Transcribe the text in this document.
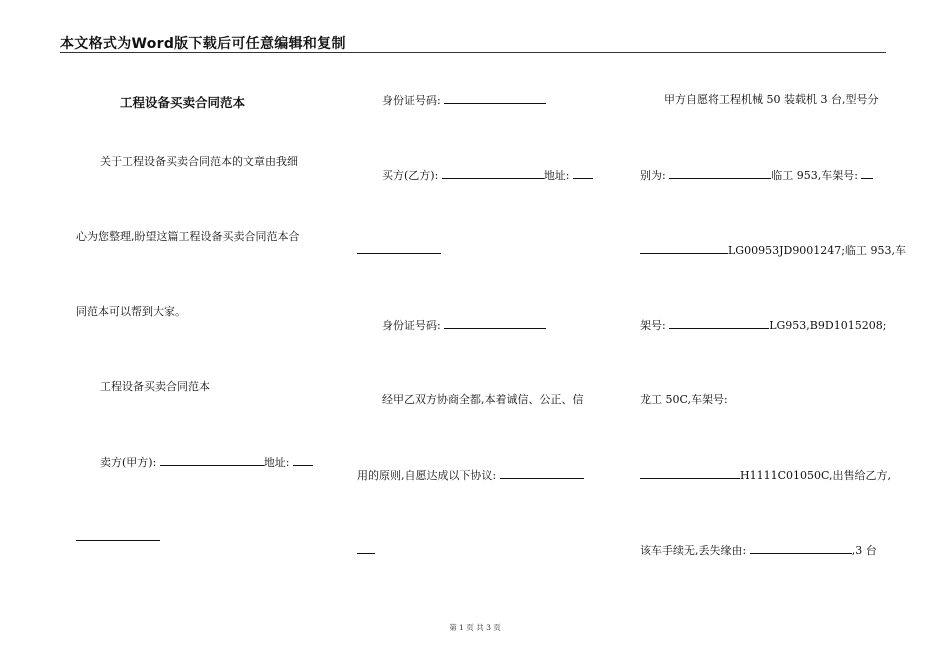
本文格式为Word版下载后可任意编辑和复制
工程设备买卖合同范本
关于工程设备买卖合同范本的文章由我细
心为您整理,盼望这篇工程设备买卖合同范本合
同范本可以帮到大家。
工程设备买卖合同范本
卖方(甲方):	地址:
身份证号码:
买方(乙方):	地址:
身份证号码:
经甲乙双方协商全都,本着诚信、公正、信
用的原则,自愿达成以下协议:
甲方自愿将工程机械 50 装载机 3 台,型号分
别为:	临工 953,车架号:
LG00953JD9001247;临工 953,车
架号:	LG953,B9D1015208;
龙工 50C,车架号:
H1111C01050C,出售给乙方,
该车手续无,丢失缘由:	,3 台
第 1 页 共 3 页
